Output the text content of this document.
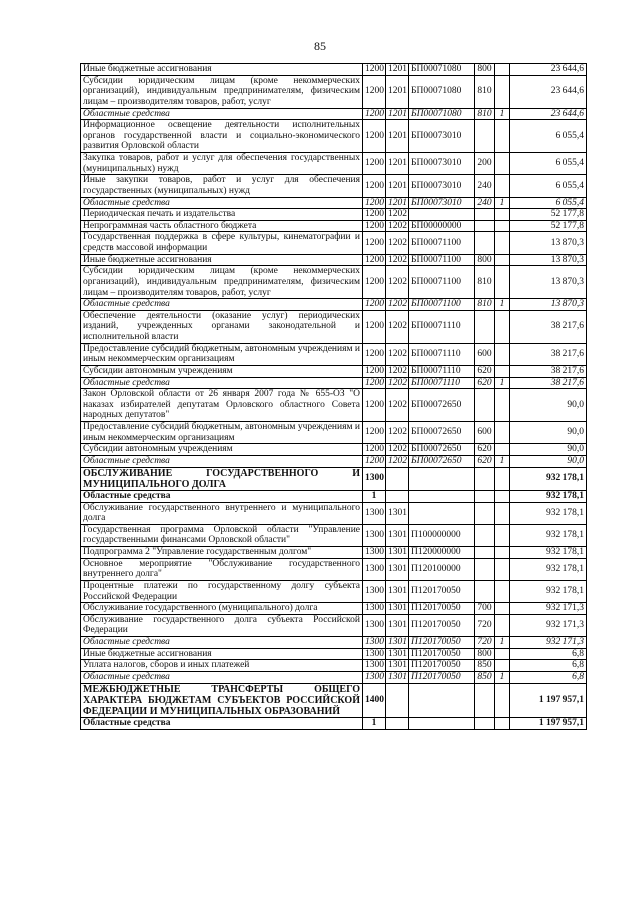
85
Иные бюджетные ассигнования	1200	1201	БП00071080	800		23 644,6
Субсидии юридическим лицам (кроме некоммерческих организаций), индивидуальным предпринимателям, физическим лицам – производителям товаров, работ, услуг	1200	1201	БП00071080	810		23 644,6
Областные средства	1200	1201	БП00071080	810	1	23 644,6
Информационное освещение деятельности исполнительных органов государственной власти и социально-экономического развития Орловской области	1200	1201	БП00073010			6 055,4
Закупка товаров, работ и услуг для обеспечения государственных (муниципальных) нужд	1200	1201	БП00073010	200		6 055,4
Иные закупки товаров, работ и услуг для обеспечения государственных (муниципальных) нужд	1200	1201	БП00073010	240		6 055,4
Областные средства	1200	1201	БП00073010	240	1	6 055,4
Периодическая печать и издательства	1200	1202				52 177,8
Непрограммная часть областного бюджета	1200	1202	БП00000000			52 177,8
Государственная поддержка в сфере культуры, кинематографии и средств массовой информации	1200	1202	БП00071100			13 870,3
Иные бюджетные ассигнования	1200	1202	БП00071100	800		13 870,3
Субсидии юридическим лицам (кроме некоммерческих организаций), индивидуальным предпринимателям, физическим лицам – производителям товаров, работ, услуг	1200	1202	БП00071100	810		13 870,3
Областные средства	1200	1202	БП00071100	810	1	13 870,3
Обеспечение деятельности (оказание услуг) периодических изданий, учрежденных органами законодательной и исполнительной власти	1200	1202	БП00071110			38 217,6
Предоставление субсидий бюджетным, автономным учреждениям и иным некоммерческим организациям	1200	1202	БП00071110	600		38 217,6
Субсидии автономным учреждениям	1200	1202	БП00071110	620		38 217,6
Областные средства	1200	1202	БП00071110	620	1	38 217,6
Закон Орловской области от 26 января 2007 года № 655-ОЗ "О наказах избирателей депутатам Орловского областного Совета народных депутатов"	1200	1202	БП00072650			90,0
Предоставление субсидий бюджетным, автономным учреждениям и иным некоммерческим организациям	1200	1202	БП00072650	600		90,0
Субсидии автономным учреждениям	1200	1202	БП00072650	620		90,0
Областные средства	1200	1202	БП00072650	620	1	90,0
ОБСЛУЖИВАНИЕ ГОСУДАРСТВЕННОГО И МУНИЦИПАЛЬНОГО ДОЛГА	1300					932 178,1
Областные средства	1					932 178,1
Обслуживание государственного внутреннего и муниципального долга	1300	1301				932 178,1
Государственная программа Орловской области "Управление государственными финансами Орловской области"	1300	1301	П100000000			932 178,1
Подпрограмма 2 "Управление государственным долгом"	1300	1301	П120000000			932 178,1
Основное мероприятие "Обслуживание государственного внутреннего долга"	1300	1301	П120100000			932 178,1
Процентные платежи по государственному долгу субъекта Российской Федерации	1300	1301	П120170050			932 178,1
Обслуживание государственного (муниципального) долга	1300	1301	П120170050	700		932 171,3
Обслуживание государственного долга субъекта Российской Федерации	1300	1301	П120170050	720		932 171,3
Областные средства	1300	1301	П120170050	720	1	932 171,3
Иные бюджетные ассигнования	1300	1301	П120170050	800		6,8
Уплата налогов, сборов и иных платежей	1300	1301	П120170050	850		6,8
Областные средства	1300	1301	П120170050	850	1	6,8
МЕЖБЮДЖЕТНЫЕ ТРАНСФЕРТЫ ОБЩЕГО ХАРАКТЕРА БЮДЖЕТАМ СУБЪЕКТОВ РОССИЙСКОЙ ФЕДЕРАЦИИ И МУНИЦИПАЛЬНЫХ ОБРАЗОВАНИЙ	1400					1 197 957,1
Областные средства	1					1 197 957,1
